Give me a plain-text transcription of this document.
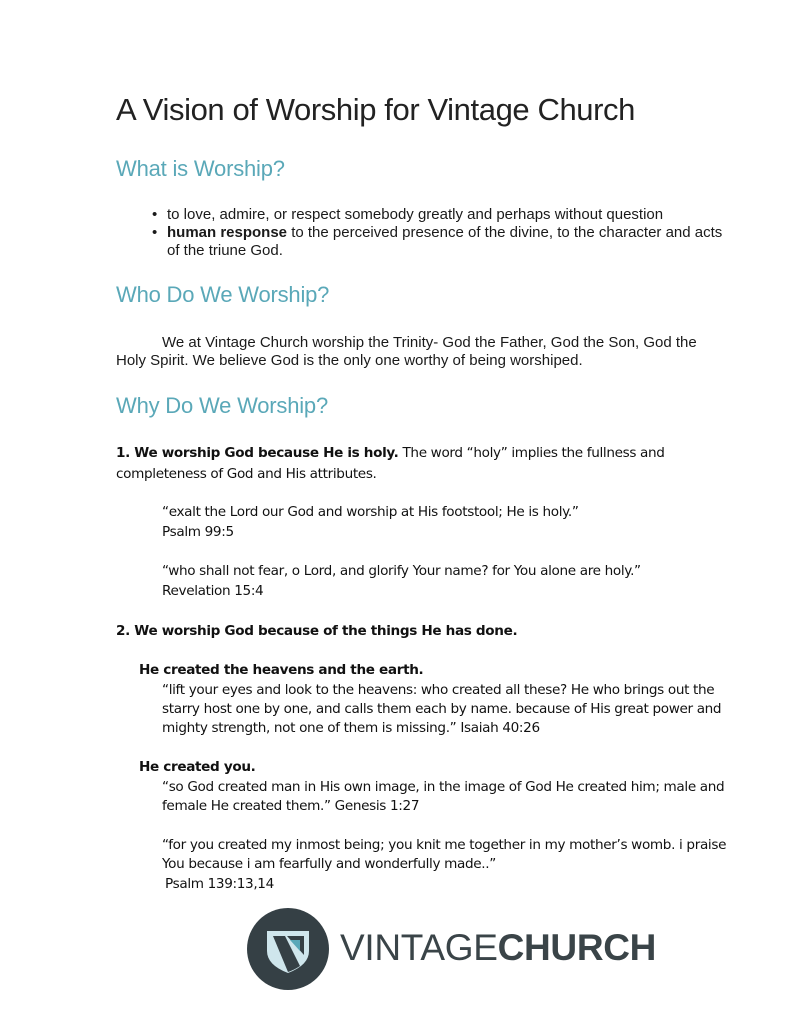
A Vision of Worship for Vintage Church
What is Worship?
• to love, admire, or respect somebody greatly and perhaps without question
• human response to the perceived presence of the divine, to the character and acts of the triune God.
Who Do We Worship?
We at Vintage Church worship the Trinity- God the Father, God the Son, God the Holy Spirit. We believe God is the only one worthy of being worshiped.
Why Do We Worship?
1. We worship God because He is holy. The word “holy” implies the fullness and
completeness of God and His attributes.
“exalt the Lord our God and worship at His footstool; He is holy.”
Psalm 99:5
“who shall not fear, o Lord, and glorify Your name? for You alone are holy.”
Revelation 15:4
2. We worship God because of the things He has done.
He created the heavens and the earth.
“lift your eyes and look to the heavens: who created all these? He who brings out the
starry host one by one, and calls them each by name. because of His great power and
mighty strength, not one of them is missing.” Isaiah 40:26
He created you.
“so God created man in His own image, in the image of God He created him; male and
female He created them.” Genesis 1:27
“for you created my inmost being; you knit me together in my mother’s womb. i praise
You because i am fearfully and wonderfully made..”
Psalm 139:13,14
VINTAGECHURCH
